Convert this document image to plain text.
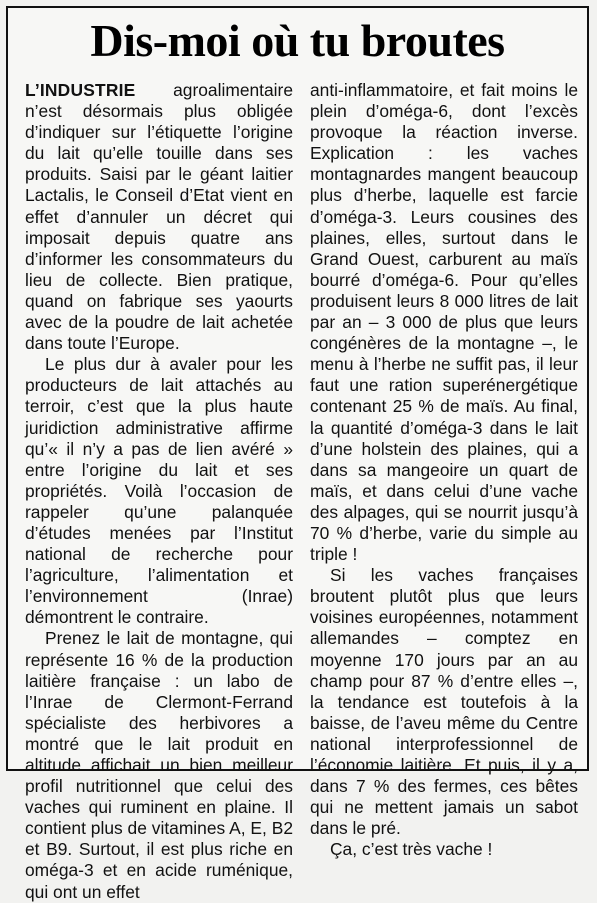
Dis-moi où tu broutes

L’INDUSTRIE agroalimentaire n’est désormais plus obligée d’indiquer sur l’étiquette l’origine du lait qu’elle touille dans ses produits. Saisi par le géant laitier Lactalis, le Conseil d’Etat vient en effet d’annuler un décret qui imposait depuis quatre ans d’informer les consommateurs du lieu de collecte. Bien pratique, quand on fabrique ses yaourts avec de la poudre de lait achetée dans toute l’Europe.

Le plus dur à avaler pour les producteurs de lait attachés au terroir, c’est que la plus haute juridiction administrative affirme qu’« il n’y a pas de lien avéré » entre l’origine du lait et ses propriétés. Voilà l’occasion de rappeler qu’une palanquée d’études menées par l’Institut national de recherche pour l’agriculture, l’alimentation et l’environnement (Inrae) démontrent le contraire.

Prenez le lait de montagne, qui représente 16 % de la production laitière française : un labo de l’Inrae de Clermont-Ferrand spécialiste des herbivores a montré que le lait produit en altitude affichait un bien meilleur profil nutritionnel que celui des vaches qui ruminent en plaine. Il contient plus de vitamines A, E, B2 et B9. Surtout, il est plus riche en oméga-3 et en acide ruménique, qui ont un effet

anti-inflammatoire, et fait moins le plein d’oméga-6, dont l’excès provoque la réaction inverse. Explication : les vaches montagnardes mangent beaucoup plus d’herbe, laquelle est farcie d’oméga-3. Leurs cousines des plaines, elles, surtout dans le Grand Ouest, carburent au maïs bourré d’oméga-6. Pour qu’elles produisent leurs 8 000 litres de lait par an – 3 000 de plus que leurs congénères de la montagne –, le menu à l’herbe ne suffit pas, il leur faut une ration superénergétique contenant 25 % de maïs. Au final, la quantité d’oméga-3 dans le lait d’une holstein des plaines, qui a dans sa mangeoire un quart de maïs, et dans celui d’une vache des alpages, qui se nourrit jusqu’à 70 % d’herbe, varie du simple au triple !

Si les vaches françaises broutent plutôt plus que leurs voisines européennes, notamment allemandes – comptez en moyenne 170 jours par an au champ pour 87 % d’entre elles –, la tendance est toutefois à la baisse, de l’aveu même du Centre national interprofessionnel de l’économie laitière. Et puis, il y a, dans 7 % des fermes, ces bêtes qui ne mettent jamais un sabot dans le pré.

Ça, c’est très vache !
